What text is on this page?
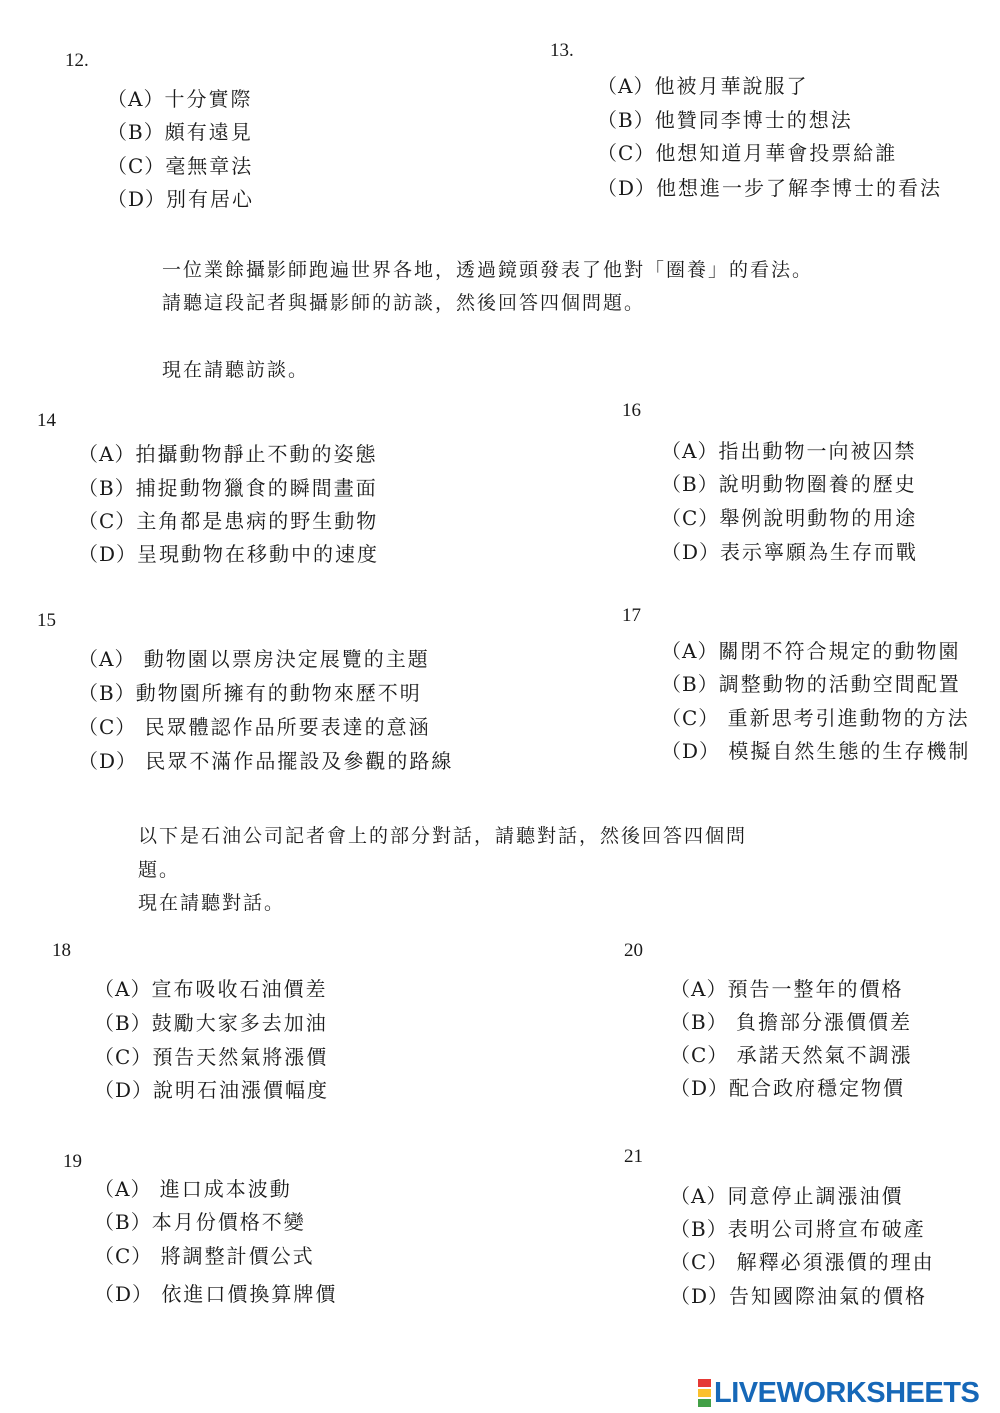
12.
（A）十分實際
（B）頗有遠見
（C）毫無章法
（D）別有居心
13.
（A）他被月華說服了
（B）他贊同李博士的想法
（C）他想知道月華會投票給誰
（D）他想進一步了解李博士的看法
一位業餘攝影師跑遍世界各地，透過鏡頭發表了他對「圈養」的看法。
請聽這段記者與攝影師的訪談，然後回答四個問題。
現在請聽訪談。
14
（A）拍攝動物靜止不動的姿態
（B）捕捉動物獵食的瞬間畫面
（C）主角都是患病的野生動物
（D）呈現動物在移動中的速度
16
（A）指出動物一向被囚禁
（B）說明動物圈養的歷史
（C）舉例說明動物的用途
（D）表示寧願為生存而戰
15
（A） 動物園以票房決定展覽的主題
（B）動物園所擁有的動物來歷不明
（C） 民眾體認作品所要表達的意涵
（D） 民眾不滿作品擺設及參觀的路線
17
（A）關閉不符合規定的動物園
（B）調整動物的活動空間配置
（C） 重新思考引進動物的方法
（D） 模擬自然生態的生存機制
以下是石油公司記者會上的部分對話，請聽對話，然後回答四個問
題。
現在請聽對話。
18
（A）宣布吸收石油價差
（B）鼓勵大家多去加油
（C）預告天然氣將漲價
（D）說明石油漲價幅度
20
（A）預告一整年的價格
（B） 負擔部分漲價價差
（C） 承諾天然氣不調漲
（D）配合政府穩定物價
19
（A） 進口成本波動
（B）本月份價格不變
（C） 將調整計價公式
（D） 依進口價換算牌價
21
（A）同意停止調漲油價
（B）表明公司將宣布破產
（C） 解釋必須漲價的理由
（D）告知國際油氣的價格
LIVEWORKSHEETS
